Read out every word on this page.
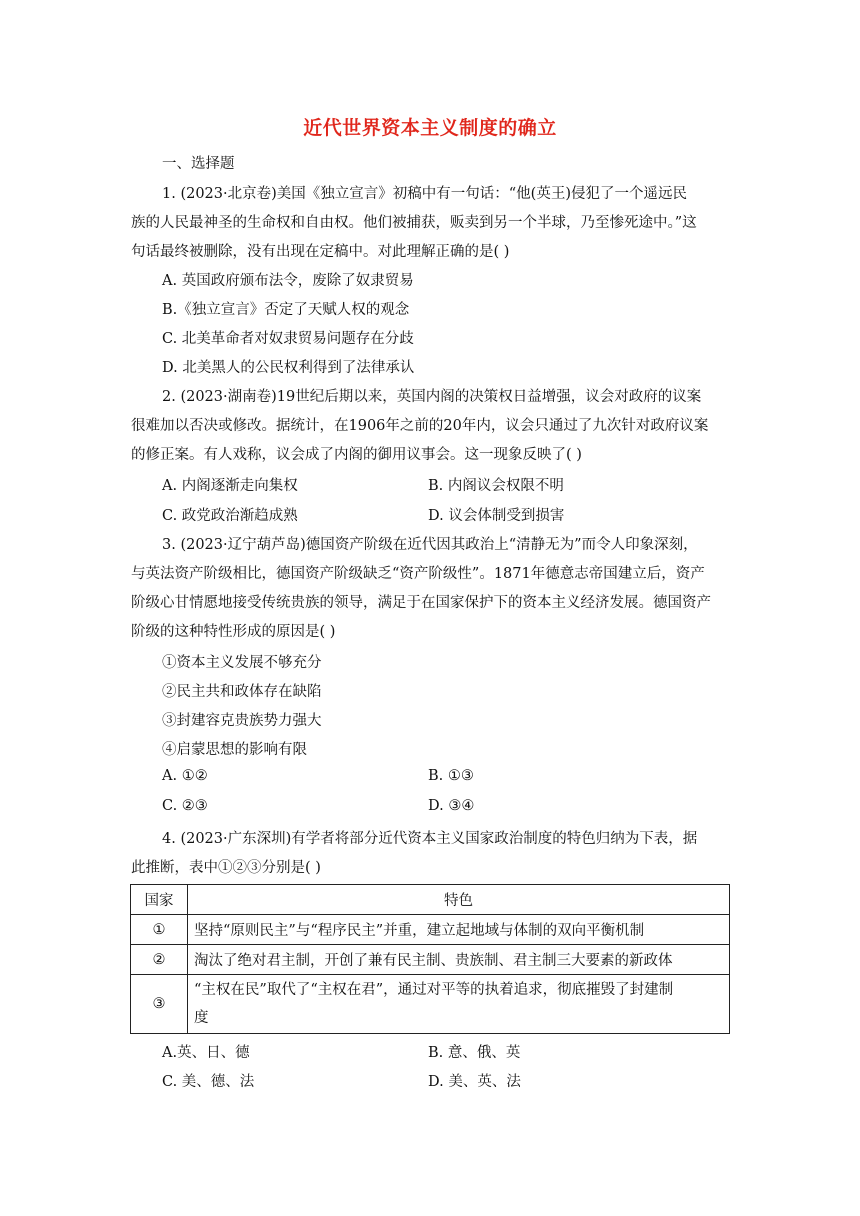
近代世界资本主义制度的确立
一、选择题
1. (2023·北京卷)美国《独立宣言》初稿中有一句话：“他(英王)侵犯了一个遥远民
族的人民最神圣的生命权和自由权。他们被捕获，贩卖到另一个半球，乃至惨死途中。”这
句话最终被删除，没有出现在定稿中。对此理解正确的是( )
A. 英国政府颁布法令，废除了奴隶贸易
B.《独立宣言》否定了天赋人权的观念
C. 北美革命者对奴隶贸易问题存在分歧
D. 北美黑人的公民权利得到了法律承认
2. (2023·湖南卷)19世纪后期以来，英国内阁的决策权日益增强，议会对政府的议案
很难加以否决或修改。据统计，在1906年之前的20年内，议会只通过了九次针对政府议案
的修正案。有人戏称，议会成了内阁的御用议事会。这一现象反映了( )
A. 内阁逐渐走向集权	B. 内阁议会权限不明
C. 政党政治渐趋成熟	D. 议会体制受到损害
3. (2023·辽宁葫芦岛)德国资产阶级在近代因其政治上“清静无为”而令人印象深刻，
与英法资产阶级相比，德国资产阶级缺乏“资产阶级性”。1871年德意志帝国建立后，资产
阶级心甘情愿地接受传统贵族的领导，满足于在国家保护下的资本主义经济发展。德国资产
阶级的这种特性形成的原因是( )
①资本主义发展不够充分
②民主共和政体存在缺陷
③封建容克贵族势力强大
④启蒙思想的影响有限
A. ①②	B. ①③
C. ②③	D. ③④
4. (2023·广东深圳)有学者将部分近代资本主义国家政治制度的特色归纳为下表，据
此推断，表中①②③分别是( )
国家	特色
①	坚持“原则民主”与“程序民主”并重，建立起地域与体制的双向平衡机制
②	淘汰了绝对君主制，开创了兼有民主制、贵族制、君主制三大要素的新政体
③	“主权在民”取代了“主权在君”，通过对平等的执着追求，彻底摧毁了封建制
度
A.英、日、德	B. 意、俄、英
C. 美、德、法	D. 美、英、法
